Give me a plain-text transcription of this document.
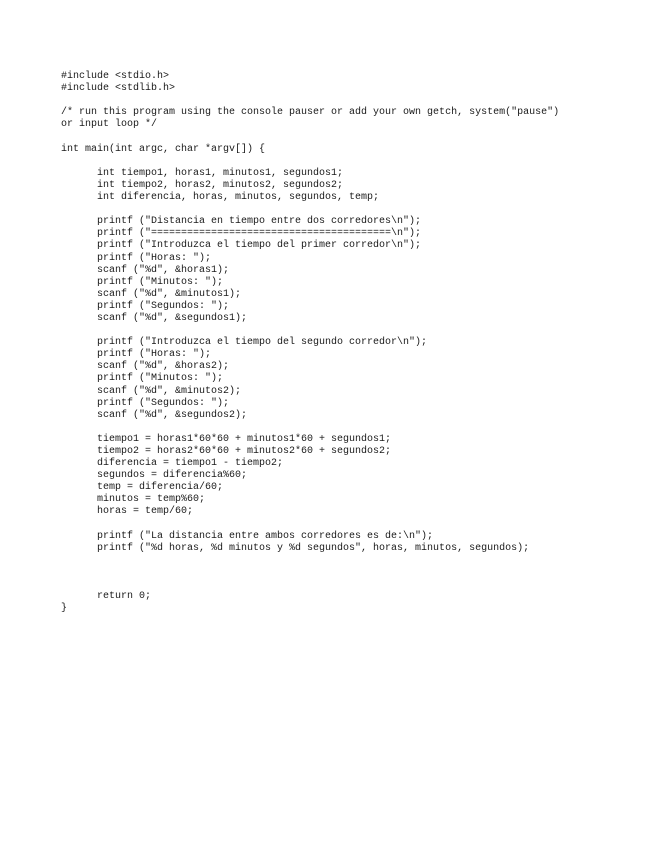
#include <stdio.h>
#include <stdlib.h>
/* run this program using the console pauser or add your own getch, system("pause")
or input loop */
int main(int argc, char *argv[]) {
int tiempo1, horas1, minutos1, segundos1;
int tiempo2, horas2, minutos2, segundos2;
int diferencia, horas, minutos, segundos, temp;
printf ("Distancia en tiempo entre dos corredores\n");
printf ("========================================\n");
printf ("Introduzca el tiempo del primer corredor\n");
printf ("Horas: ");
scanf ("%d", &horas1);
printf ("Minutos: ");
scanf ("%d", &minutos1);
printf ("Segundos: ");
scanf ("%d", &segundos1);
printf ("Introduzca el tiempo del segundo corredor\n");
printf ("Horas: ");
scanf ("%d", &horas2);
printf ("Minutos: ");
scanf ("%d", &minutos2);
printf ("Segundos: ");
scanf ("%d", &segundos2);
tiempo1 = horas1*60*60 + minutos1*60 + segundos1;
tiempo2 = horas2*60*60 + minutos2*60 + segundos2;
diferencia = tiempo1 - tiempo2;
segundos = diferencia%60;
temp = diferencia/60;
minutos = temp%60;
horas = temp/60;
printf ("La distancia entre ambos corredores es de:\n");
printf ("%d horas, %d minutos y %d segundos", horas, minutos, segundos);
return 0;
}
